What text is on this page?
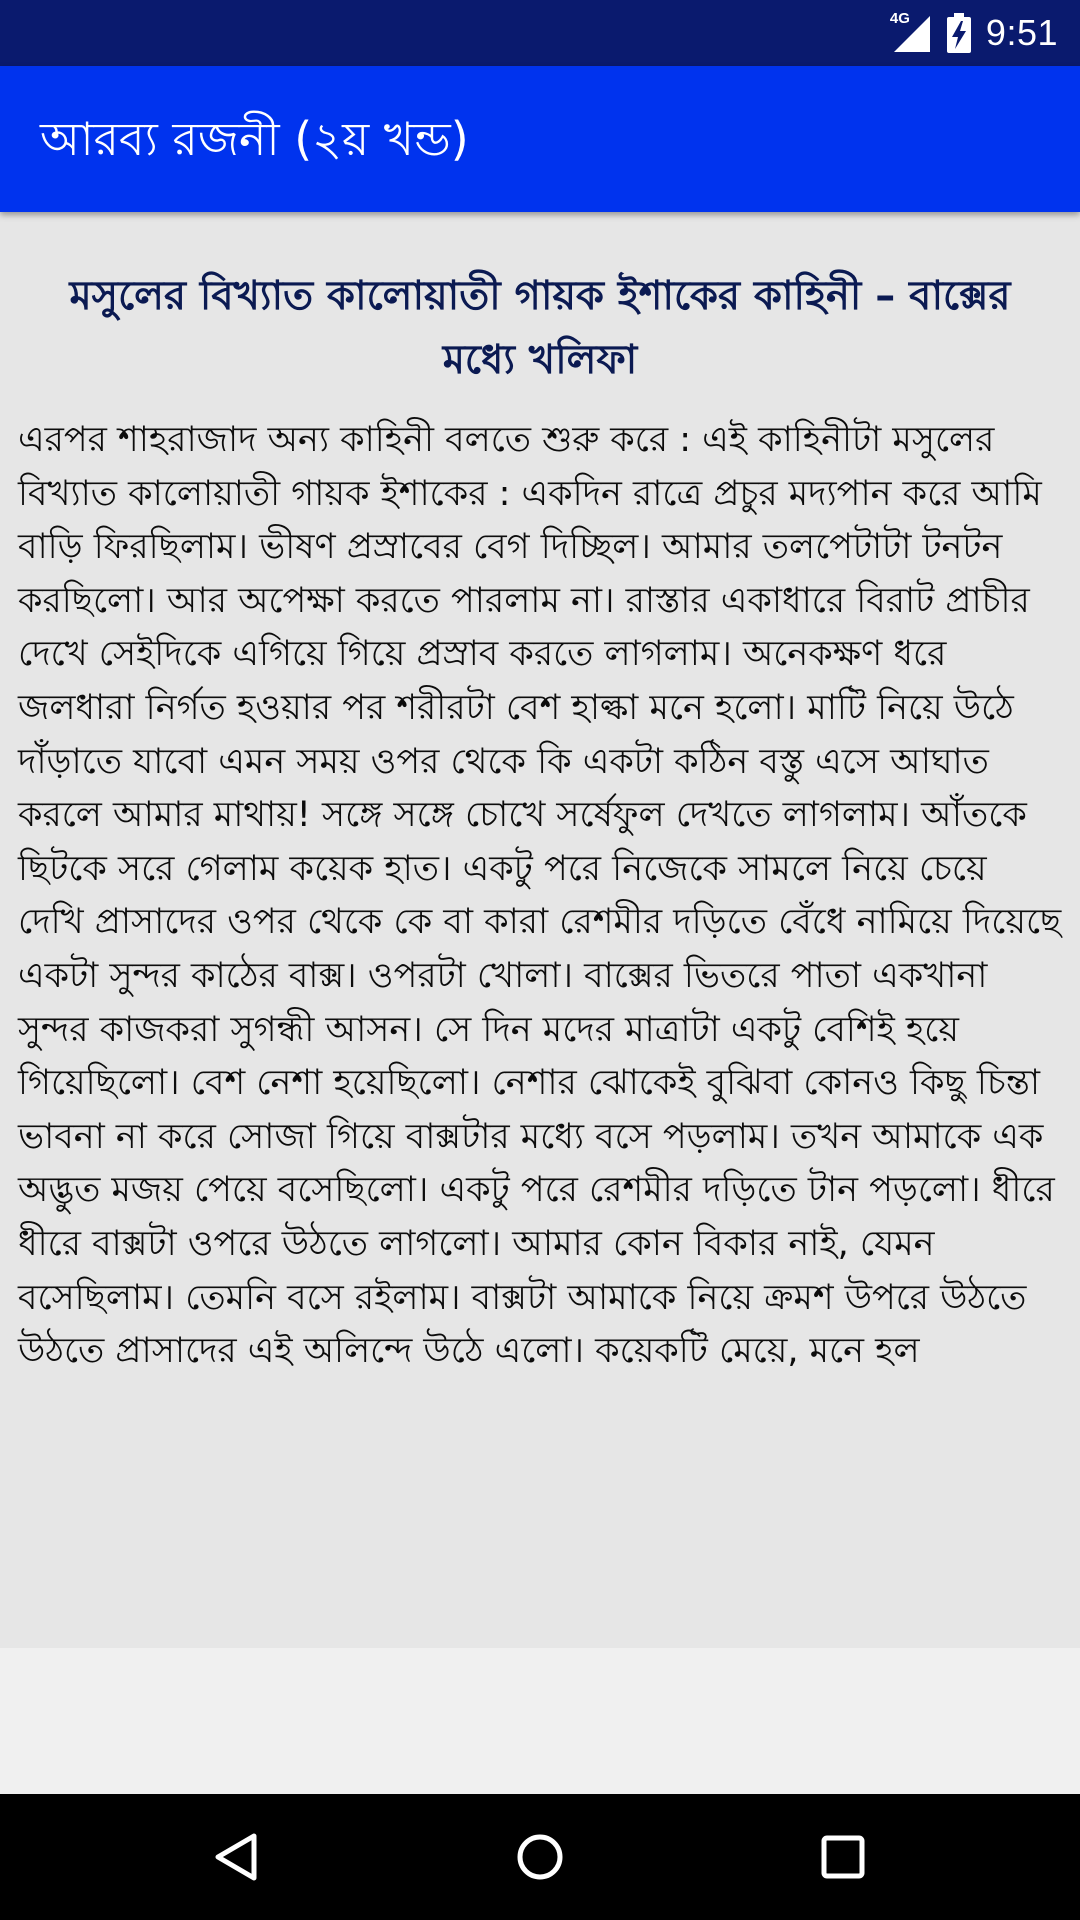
4G 9:51
আরব্য রজনী (২য় খন্ড)
মসুলের বিখ্যাত কালোয়াতী গায়ক ইশাকের কাহিনী – বাক্সের মধ্যে খলিফা
এরপর শাহরাজাদ অন্য কাহিনী বলতে শুরু করে : এই কাহিনীটা মসুলের বিখ্যাত কালোয়াতী গায়ক ইশাকের : একদিন রাত্রে প্রচুর মদ্যপান করে আমি বাড়ি ফিরছিলাম। ভীষণ প্রস্রাবের বেগ দিচ্ছিল। আমার তলপেটাটা টনটন করছিলো। আর অপেক্ষা করতে পারলাম না। রাস্তার একাধারে বিরাট প্রাচীর দেখে সেইদিকে এগিয়ে গিয়ে প্রস্রাব করতে লাগলাম। অনেকক্ষণ ধরে জলধারা নির্গত হওয়ার পর শরীরটা বেশ হাল্কা মনে হলো। মাটি নিয়ে উঠে দাঁড়াতে যাবো এমন সময় ওপর থেকে কি একটা কঠিন বস্তু এসে আঘাত করলে আমার মাথায়! সঙ্গে সঙ্গে চোখে সর্ষেফুল দেখতে লাগলাম। আঁতকে ছিটকে সরে গেলাম কয়েক হাত। একটু পরে নিজেকে সামলে নিয়ে চেয়ে দেখি প্রাসাদের ওপর থেকে কে বা কারা রেশমীর দড়িতে বেঁধে নামিয়ে দিয়েছে একটা সুন্দর কাঠের বাক্স। ওপরটা খোলা। বাক্সের ভিতরে পাতা একখানা সুন্দর কাজকরা সুগন্ধী আসন। সে দিন মদের মাত্রাটা একটু বেশিই হয়ে গিয়েছিলো। বেশ নেশা হয়েছিলো। নেশার ঝোকেই বুঝিবা কোনও কিছু চিন্তা ভাবনা না করে সোজা গিয়ে বাক্সটার মধ্যে বসে পড়লাম। তখন আমাকে এক অদ্ভুত মজয় পেয়ে বসেছিলো। একটু পরে রেশমীর দড়িতে টান পড়লো। ধীরে ধীরে বাক্সটা ওপরে উঠতে লাগলো। আমার কোন বিকার নাই, যেমন বসেছিলাম। তেমনি বসে রইলাম। বাক্সটা আমাকে নিয়ে ক্রমশ উপরে উঠতে উঠতে প্রাসাদের এই অলিন্দে উঠে এলো। কয়েকটি মেয়ে, মনে হল
